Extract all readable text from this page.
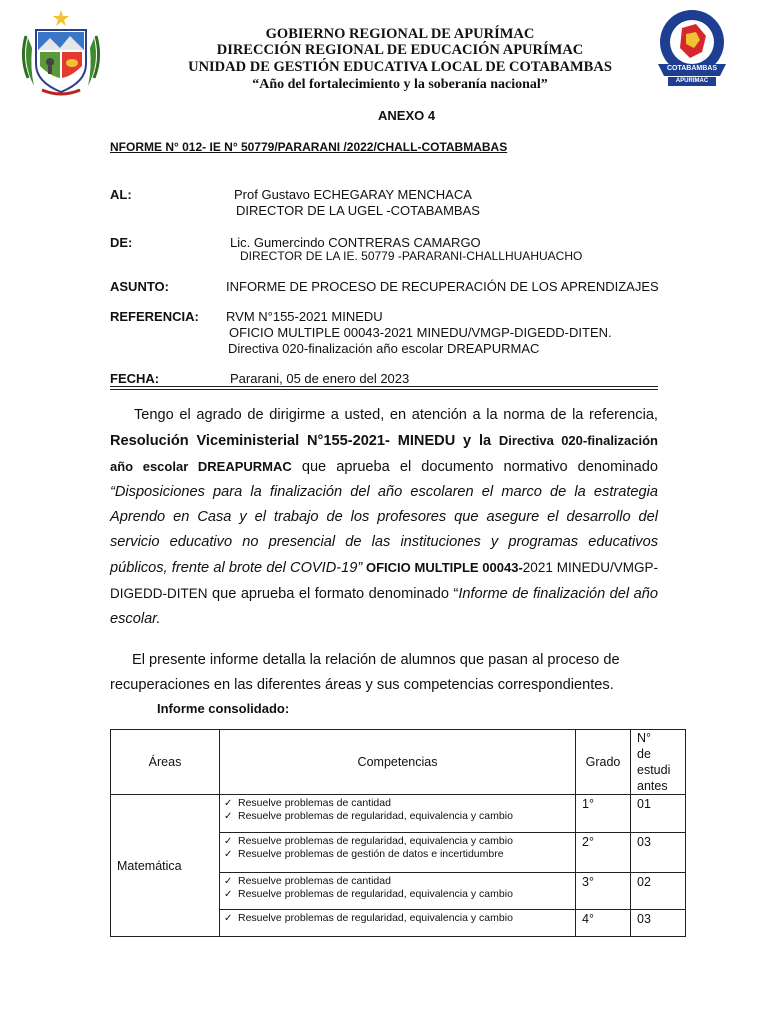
COTABAMBAS
APURIMAC
GOBIERNO REGIONAL DE APURÍMAC
DIRECCIÓN REGIONAL DE EDUCACIÓN APURÍMAC
UNIDAD DE GESTIÓN EDUCATIVA LOCAL DE COTABAMBAS
“Año del fortalecimiento y la soberanía nacional”
ANEXO 4
NFORME N° 012- IE N° 50779/PARARANI /2022/CHALL-COTABMABAS
AL:	Prof Gustavo ECHEGARAY MENCHACA
DIRECTOR DE LA UGEL -COTABAMBAS
DE:	Lic. Gumercindo CONTRERAS CAMARGO
DIRECTOR DE LA IE. 50779 -PARARANI-CHALLHUAHUACHO
ASUNTO:	INFORME DE PROCESO DE RECUPERACIÓN DE LOS APRENDIZAJES
REFERENCIA: RVM N°155-2021 MINEDU
OFICIO MULTIPLE 00043-2021 MINEDU/VMGP-DIGEDD-DITEN.
Directiva 020-finalización año escolar DREAPURMAC
FECHA:	Pararani, 05 de enero del 2023
Tengo el agrado de dirigirme a usted, en atención a la norma de la referencia, Resolución Viceministerial N°155-2021- MINEDU y la Directiva 020-finalización año escolar DREAPURMAC que aprueba el documento normativo denominado “Disposiciones para la finalización del año escolaren el marco de la estrategia Aprendo en Casa y el trabajo de los profesores que asegure el desarrollo del servicio educativo no presencial de las instituciones y programas educativos públicos, frente al brote del COVID-19” OFICIO MULTIPLE 00043-2021 MINEDU/VMGP-DIGEDD-DITEN que aprueba el formato denominado “Informe de finalización del año escolar.
El presente informe detalla la relación de alumnos que pasan al proceso de recuperaciones en las diferentes áreas y sus competencias correspondientes.
Informe consolidado:
Áreas	Competencias	Grado	N° de estudi antes
Matemática	✓ Resuelve problemas de cantidad
✓ Resuelve problemas de regularidad, equivalencia y cambio	1°	01

	✓ Resuelve problemas de regularidad, equivalencia y cambio
✓ Resuelve problemas de gestión de datos e incertidumbre	2°	03

	✓ Resuelve problemas de cantidad
✓ Resuelve problemas de regularidad, equivalencia y cambio	3°	02

	✓ Resuelve problemas de regularidad, equivalencia y cambio	4°	03
